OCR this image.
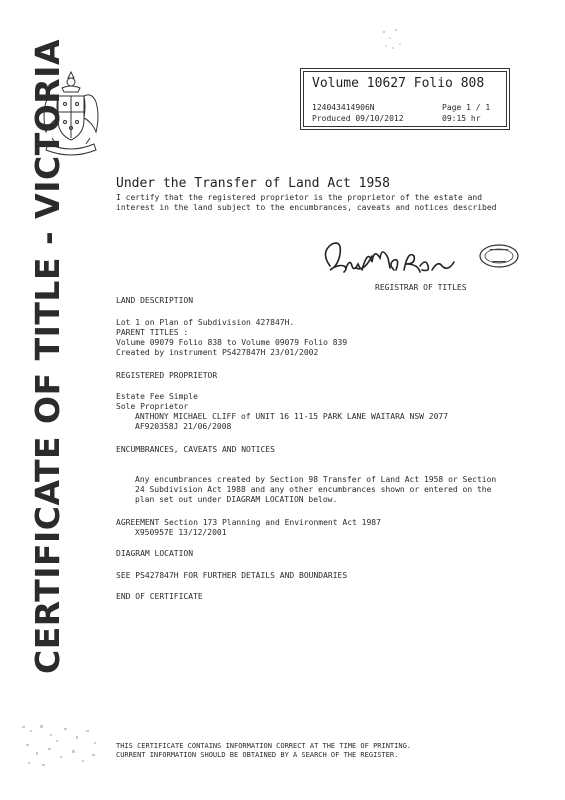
CERTIFICATE OF TITLE - VICTORIA	Volume 10627 Folio 808
124043414906N	Page 1 / 1
Produced 09/10/2012	09:15 hr
Under the Transfer of Land Act 1958
I certify that the registered proprietor is the proprietor of the estate and
interest in the land subject to the encumbrances, caveats and notices described
REGISTRAR OF TITLES
LAND DESCRIPTION
Lot 1 on Plan of Subdivision 427847H.
PARENT TITLES :
Volume 09079 Folio 838 to Volume 09079 Folio 839
Created by instrument PS427847H 23/01/2002
REGISTERED PROPRIETOR
Estate Fee Simple
Sole Proprietor
ANTHONY MICHAEL CLIFF of UNIT 16 11-15 PARK LANE WAITARA NSW 2077
AF920358J 21/06/2008
ENCUMBRANCES, CAVEATS AND NOTICES
Any encumbrances created by Section 98 Transfer of Land Act 1958 or Section
24 Subdivision Act 1988 and any other encumbrances shown or entered on the
plan set out under DIAGRAM LOCATION below.
AGREEMENT Section 173 Planning and Environment Act 1987
X950957E 13/12/2001
DIAGRAM LOCATION
SEE PS427847H FOR FURTHER DETAILS AND BOUNDARIES
END OF CERTIFICATE
THIS CERTIFICATE CONTAINS INFORMATION CORRECT AT THE TIME OF PRINTING.
CURRENT INFORMATION SHOULD BE OBTAINED BY A SEARCH OF THE REGISTER.
